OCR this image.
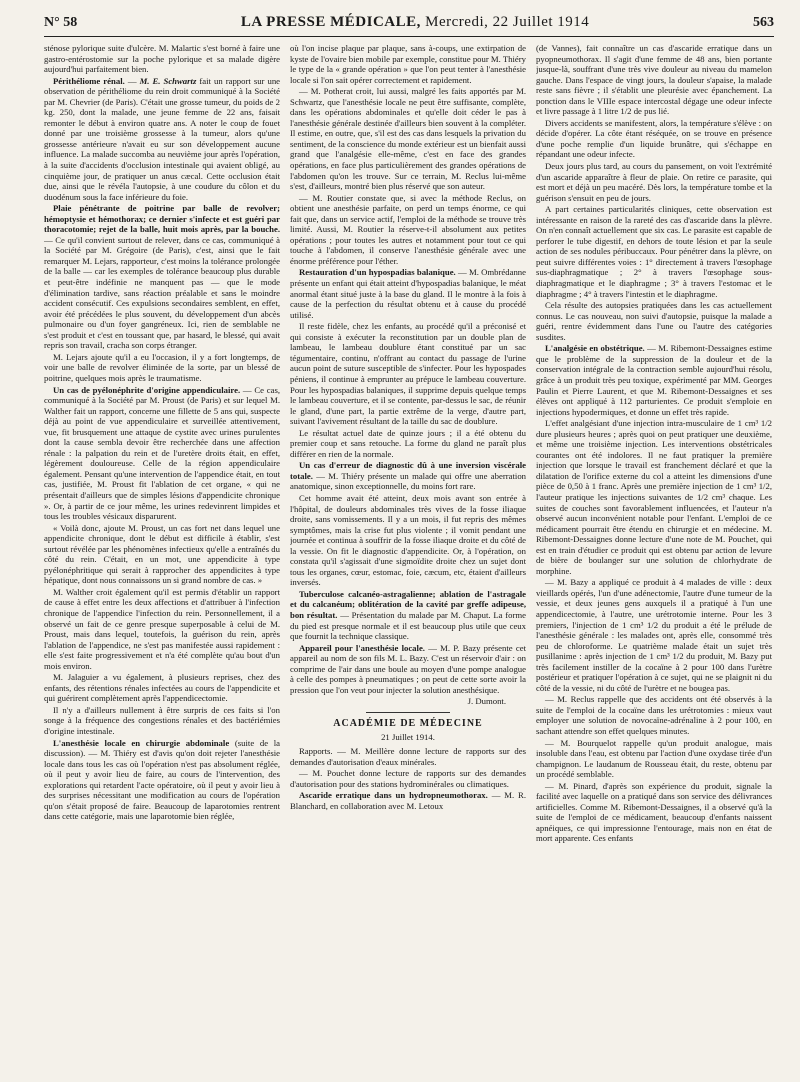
N° 58	LA PRESSE MÉDICALE, Mercredi, 22 Juillet 1914	563

sténose pylorique suite d'ulcère. M. Malartic s'est borné à faire une gastro-entérostomie sur la poche pylorique et sa malade digère aujourd'hui parfaitement bien.

Périthéliome rénal. — M. E. Schwartz fait un rapport sur une observation de périthéliome du rein droit communiqué à la Société par M. Chevrier (de Paris). C'était une grosse tumeur, du poids de 2 kg. 250, dont la malade, une jeune femme de 22 ans, faisait remonter le début à environ quatre ans. A noter le coup de fouet donné par une troisième grossesse à la tumeur, alors qu'une grossesse antérieure n'avait eu sur son développement aucune influence. La malade succomba au neuvième jour après l'opération, à la suite d'accidents d'occlusion intestinale qui avaient obligé, au cinquième jour, de pratiquer un anus cæcal. Cette occlusion était due, ainsi que le révéla l'autopsie, à une coudure du côlon et du duodénum sous la face inférieure du foie.

Plaie pénétrante de poitrine par balle de revolver; hémoptysie et hémothorax; ce dernier s'infecte et est guéri par thoracotomie; rejet de la balle, huit mois après, par la bouche. — Ce qu'il convient surtout de relever, dans ce cas, communiqué à la Société par M. Grégoire (de Paris), c'est, ainsi que le fait remarquer M. Lejars, rapporteur, c'est moins la tolérance prolongée de la balle — car les exemples de tolérance beaucoup plus durable et peut-être indéfinie ne manquent pas — que le mode d'élimination tardive, sans réaction préalable et sans le moindre accident consécutif. Ces expulsions secondaires semblent, en effet, avoir été précédées le plus souvent, du développement d'un abcès pulmonaire ou d'un foyer gangréneux. Ici, rien de semblable ne s'est produit et c'est en toussant que, par hasard, le blessé, qui avait repris son travail, cracha son corps étranger.

M. Lejars ajoute qu'il a eu l'occasion, il y a fort longtemps, de voir une balle de revolver éliminée de la sorte, par un blessé de poitrine, quelques mois après le traumatisme.

Un cas de pyélonéphrite d'origine appendiculaire. — Ce cas, communiqué à la Société par M. Proust (de Paris) et sur lequel M. Walther fait un rapport, concerne une fillette de 5 ans qui, suspecte déjà au point de vue appendiculaire et surveillée attentivement, vue, fit brusquement une attaque de cystite avec urines purulentes dont la cause sembla devoir être recherchée dans une affection rénale : la palpation du rein et de l'uretère droits était, en effet, légèrement douloureuse. Celle de la région appendiculaire également. Pensant qu'une intervention de l'appendice était, en tout cas, justifiée, M. Proust fit l'ablation de cet organe, « qui ne présentait d'ailleurs que de simples lésions d'appendicite chronique ». Or, à partir de ce jour même, les urines redevinrent limpides et tous les troubles vésicaux disparurent.

« Voilà donc, ajoute M. Proust, un cas fort net dans lequel une appendicite chronique, dont le début est difficile à établir, s'est surtout révélée par les phénomènes infectieux qu'elle a entraînés du côté du rein. C'était, en un mot, une appendicite à type pyélonéphritique qui serait à rapprocher des appendicites à type hépatique, dont nous connaissons un si grand nombre de cas. »

M. Walther croit également qu'il est permis d'établir un rapport de cause à effet entre les deux affections et d'attribuer à l'infection chronique de l'appendice l'infection du rein. Personnellement, il a observé un fait de ce genre presque superposable à celui de M. Proust, mais dans lequel, toutefois, la guérison du rein, après l'ablation de l'appendice, ne s'est pas manifestée aussi rapidement : elle s'est faite progressivement et n'a été complète qu'au bout d'un mois environ.

M. Jalaguier a vu également, à plusieurs reprises, chez des enfants, des rétentions rénales infectées au cours de l'appendicite et qui guérirent complètement après l'appendicectomie.

Il n'y a d'ailleurs nullement à être surpris de ces faits si l'on songe à la fréquence des congestions rénales et des bactériémies d'origine intestinale.

L'anesthésie locale en chirurgie abdominale (suite de la discussion). — M. Thiéry est d'avis qu'on doit rejeter l'anesthésie locale dans tous les cas où l'opération n'est pas absolument réglée, où il peut y avoir lieu de faire, au cours de l'intervention, des explorations qui retardent l'acte opératoire, où il peut y avoir lieu à des surprises nécessitant une modification au cours de l'opération qu'on s'était proposé de faire. Beaucoup de laparotomies rentrent dans cette catégorie, mais une laparotomie bien réglée,

où l'on incise plaque par plaque, sans à-coups, une extirpation de kyste de l'ovaire bien mobile par exemple, constitue pour M. Thiéry le type de la « grande opération » que l'on peut tenter à l'anesthésie locale si l'on sait opérer correctement et rapidement.

— M. Potherat croit, lui aussi, malgré les faits apportés par M. Schwartz, que l'anesthésie locale ne peut être suffisante, complète, dans les opérations abdominales et qu'elle doit céder le pas à l'anesthésie générale destinée d'ailleurs bien souvent à la compléter. Il estime, en outre, que, s'il est des cas dans lesquels la privation du sentiment, de la conscience du monde extérieur est un bienfait aussi grand que l'analgésie elle-même, c'est en face des grandes opérations, en face plus particulièrement des grandes opérations de l'abdomen qu'on les trouve. Sur ce terrain, M. Reclus lui-même s'est, d'ailleurs, montré bien plus réservé que son auteur.

— M. Routier constate que, si avec la méthode Reclus, on obtient une anesthésie parfaite, on perd un temps énorme, ce qui fait que, dans un service actif, l'emploi de la méthode se trouve très limité. Aussi, M. Routier la réserve-t-il absolument aux petites opérations ; pour toutes les autres et notamment pour tout ce qui touche à l'abdomen, il conserve l'anesthésie générale avec une énorme préférence pour l'éther.

Restauration d'un hypospadias balanique. — M. Ombrédanne présente un enfant qui était atteint d'hypospadias balanique, le méat anormal étant situé juste à la base du gland. Il le montre à la fois à cause de la perfection du résultat obtenu et à cause du procédé utilisé.

Il reste fidèle, chez les enfants, au procédé qu'il a préconisé et qui consiste à exécuter la reconstitution par un double plan de lambeau, le lambeau doublure étant constitué par un sac tégumentaire, continu, n'offrant au contact du passage de l'urine aucun point de suture susceptible de s'infecter. Pour les hypospades péniens, il continue à emprunter au prépuce le lambeau couverture. Pour les hypospadias balaniques, il supprime depuis quelque temps le lambeau couverture, et il se contente, par-dessus le sac, de réunir le gland, d'une part, la partie extrême de la verge, d'autre part, suivant l'avivement résultant de la taille du sac de doublure.

Le résultat actuel date de quinze jours ; il a été obtenu du premier coup et sans retouche. La forme du gland ne paraît plus différer en rien de la normale.

Un cas d'erreur de diagnostic dû à une inversion viscérale totale. — M. Thiéry présente un malade qui offre une aberration anatomique, sinon exceptionnelle, du moins fort rare.

Cet homme avait été atteint, deux mois avant son entrée à l'hôpital, de douleurs abdominales très vives de la fosse iliaque droite, sans vomissements. Il y a un mois, il fut repris des mêmes symptômes, mais la crise fut plus violente ; il vomit pendant une journée et continua à souffrir de la fosse iliaque droite et du côté de la vessie. On fit le diagnostic d'appendicite. Or, à l'opération, on constata qu'il s'agissait d'une sigmoïdite droite chez un sujet dont tous les organes, cœur, estomac, foie, cæcum, etc, étaient d'ailleurs inversés.

Tuberculose calcanéo-astragalienne; ablation de l'astragale et du calcanéum; oblitération de la cavité par greffe adipeuse, bon résultat. — Présentation du malade par M. Chaput. La forme du pied est presque normale et il est beaucoup plus utile que ceux que fournit la technique classique.

Appareil pour l'anesthésie locale. — M. P. Bazy présente cet appareil au nom de son fils M. L. Bazy. C'est un réservoir d'air : on comprime de l'air dans une boule au moyen d'une pompe analogue à celle des pompes à pneumatiques ; on peut de cette sorte avoir la pression que l'on veut pour injecter la solution anesthésique.

J. Dumont.

ACADÉMIE DE MÉDECINE

21 Juillet 1914.

Rapports. — M. Meillère donne lecture de rapports sur des demandes d'autorisation d'eaux minérales.

— M. Pouchet donne lecture de rapports sur des demandes d'autorisation pour des stations hydrominérales ou climatiques.

Ascaride erratique dans un hydropneumothorax. — M. R. Blanchard, en collaboration avec M. Letoux

(de Vannes), fait connaître un cas d'ascaride erratique dans un pyopneumothorax. Il s'agit d'une femme de 48 ans, bien portante jusque-là, souffrant d'une très vive douleur au niveau du mamelon gauche. Dans l'espace de vingt jours, la douleur s'apaise, la malade reste sans fièvre ; il s'établit une pleurésie avec épanchement. La ponction dans le VIIIe espace intercostal dégage une odeur infecte et livre passage à 1 litre 1/2 de pus lié.

Divers accidents se manifestent, alors, la température s'élève : on décide d'opérer. La côte étant réséquée, on se trouve en présence d'une poche remplie d'un liquide brunâtre, qui s'échappe en répandant une odeur infecte.

Deux jours plus tard, au cours du pansement, on voit l'extrémité d'un ascaride apparaître à fleur de plaie. On retire ce parasite, qui est mort et déjà un peu macéré. Dès lors, la température tombe et la guérison s'ensuit en peu de jours.

A part certaines particularités cliniques, cette observation est intéressante en raison de la rareté des cas d'ascaride dans la plèvre. On n'en connaît actuellement que six cas. Le parasite est capable de perforer le tube digestif, en dehors de toute lésion et par la seule action de ses nodules péribuccaux. Pour pénétrer dans la plèvre, on peut suivre différentes voies : 1° directement à travers l'œsophage sus-diaphragmatique ; 2° à travers l'œsophage sous-diaphragmatique et le diaphragme ; 3° à travers l'estomac et le diaphragme ; 4° à travers l'intestin et le diaphragme.

Cela résulte des autopsies pratiquées dans les cas actuellement connus. Le cas nouveau, non suivi d'autopsie, puisque la malade a guéri, rentre évidemment dans l'une ou l'autre des catégories susdites.

L'analgésie en obstétrique. — M. Ribemont-Dessaignes estime que le problème de la suppression de la douleur et de la conservation intégrale de la contraction semble aujourd'hui résolu, grâce à un produit très peu toxique, expérimenté par MM. Georges Paulin et Pierre Laurent, et que M. Ribemont-Dessaignes et ses élèves ont appliqué à 112 parturientes. Ce produit s'emploie en injections hypodermiques, et donne un effet très rapide.

L'effet analgésiant d'une injection intra-musculaire de 1 cm³ 1/2 dure plusieurs heures ; après quoi on peut pratiquer une deuxième, et même une troisième injection. Les interventions obstétricales courantes ont été indolores. Il ne faut pratiquer la première injection que lorsque le travail est franchement déclaré et que la dilatation de l'orifice externe du col a atteint les dimensions d'une pièce de 0,50 à 1 franc. Après une première injection de 1 cm³ 1/2, l'auteur pratique les injections suivantes de 1/2 cm³ chaque. Les suites de couches sont favorablement influencées, et l'auteur n'a observé aucun inconvénient notable pour l'enfant. L'emploi de ce médicament pourrait être étendu en chirurgie et en médecine. M. Ribemont-Dessaignes donne lecture d'une note de M. Pouchet, qui est en train d'étudier ce produit qui est obtenu par action de levure de bière de boulanger sur une solution de chlorhydrate de morphine.

— M. Bazy a appliqué ce produit à 4 malades de ville : deux vieillards opérés, l'un d'une adénectomie, l'autre d'une tumeur de la vessie, et deux jeunes gens auxquels il a pratiqué à l'un une appendicectomie, à l'autre, une urétrotomie interne. Pour les 3 premiers, l'injection de 1 cm³ 1/2 du produit a été le prélude de l'anesthésie générale : les malades ont, après elle, consommé très peu de chloroforme. Le quatrième malade était un sujet très pusillanime : après injection de 1 cm³ 1/2 du produit, M. Bazy put très facilement instiller de la cocaïne à 2 pour 100 dans l'urètre postérieur et pratiquer l'opération à ce sujet, qui ne se plaignit ni du côté de la vessie, ni du côté de l'urètre et ne bougea pas.

— M. Reclus rappelle que des accidents ont été observés à la suite de l'emploi de la cocaïne dans les urétrotomies : mieux vaut employer une solution de novocaïne-adrénaline à 2 pour 100, en sachant attendre son effet quelques minutes.

— M. Bourquelot rappelle qu'un produit analogue, mais insoluble dans l'eau, est obtenu par l'action d'une oxydase tirée d'un champignon. Le laudanum de Rousseau était, du reste, obtenu par un procédé semblable.

— M. Pinard, d'après son expérience du produit, signale la facilité avec laquelle on a pratiqué dans son service des délivrances artificielles. Comme M. Ribemont-Dessaignes, il a observé qu'à la suite de l'emploi de ce médicament, beaucoup d'enfants naissent apnéiques, ce qui impressionne l'entourage, mais non en état de mort apparente. Ces enfants
